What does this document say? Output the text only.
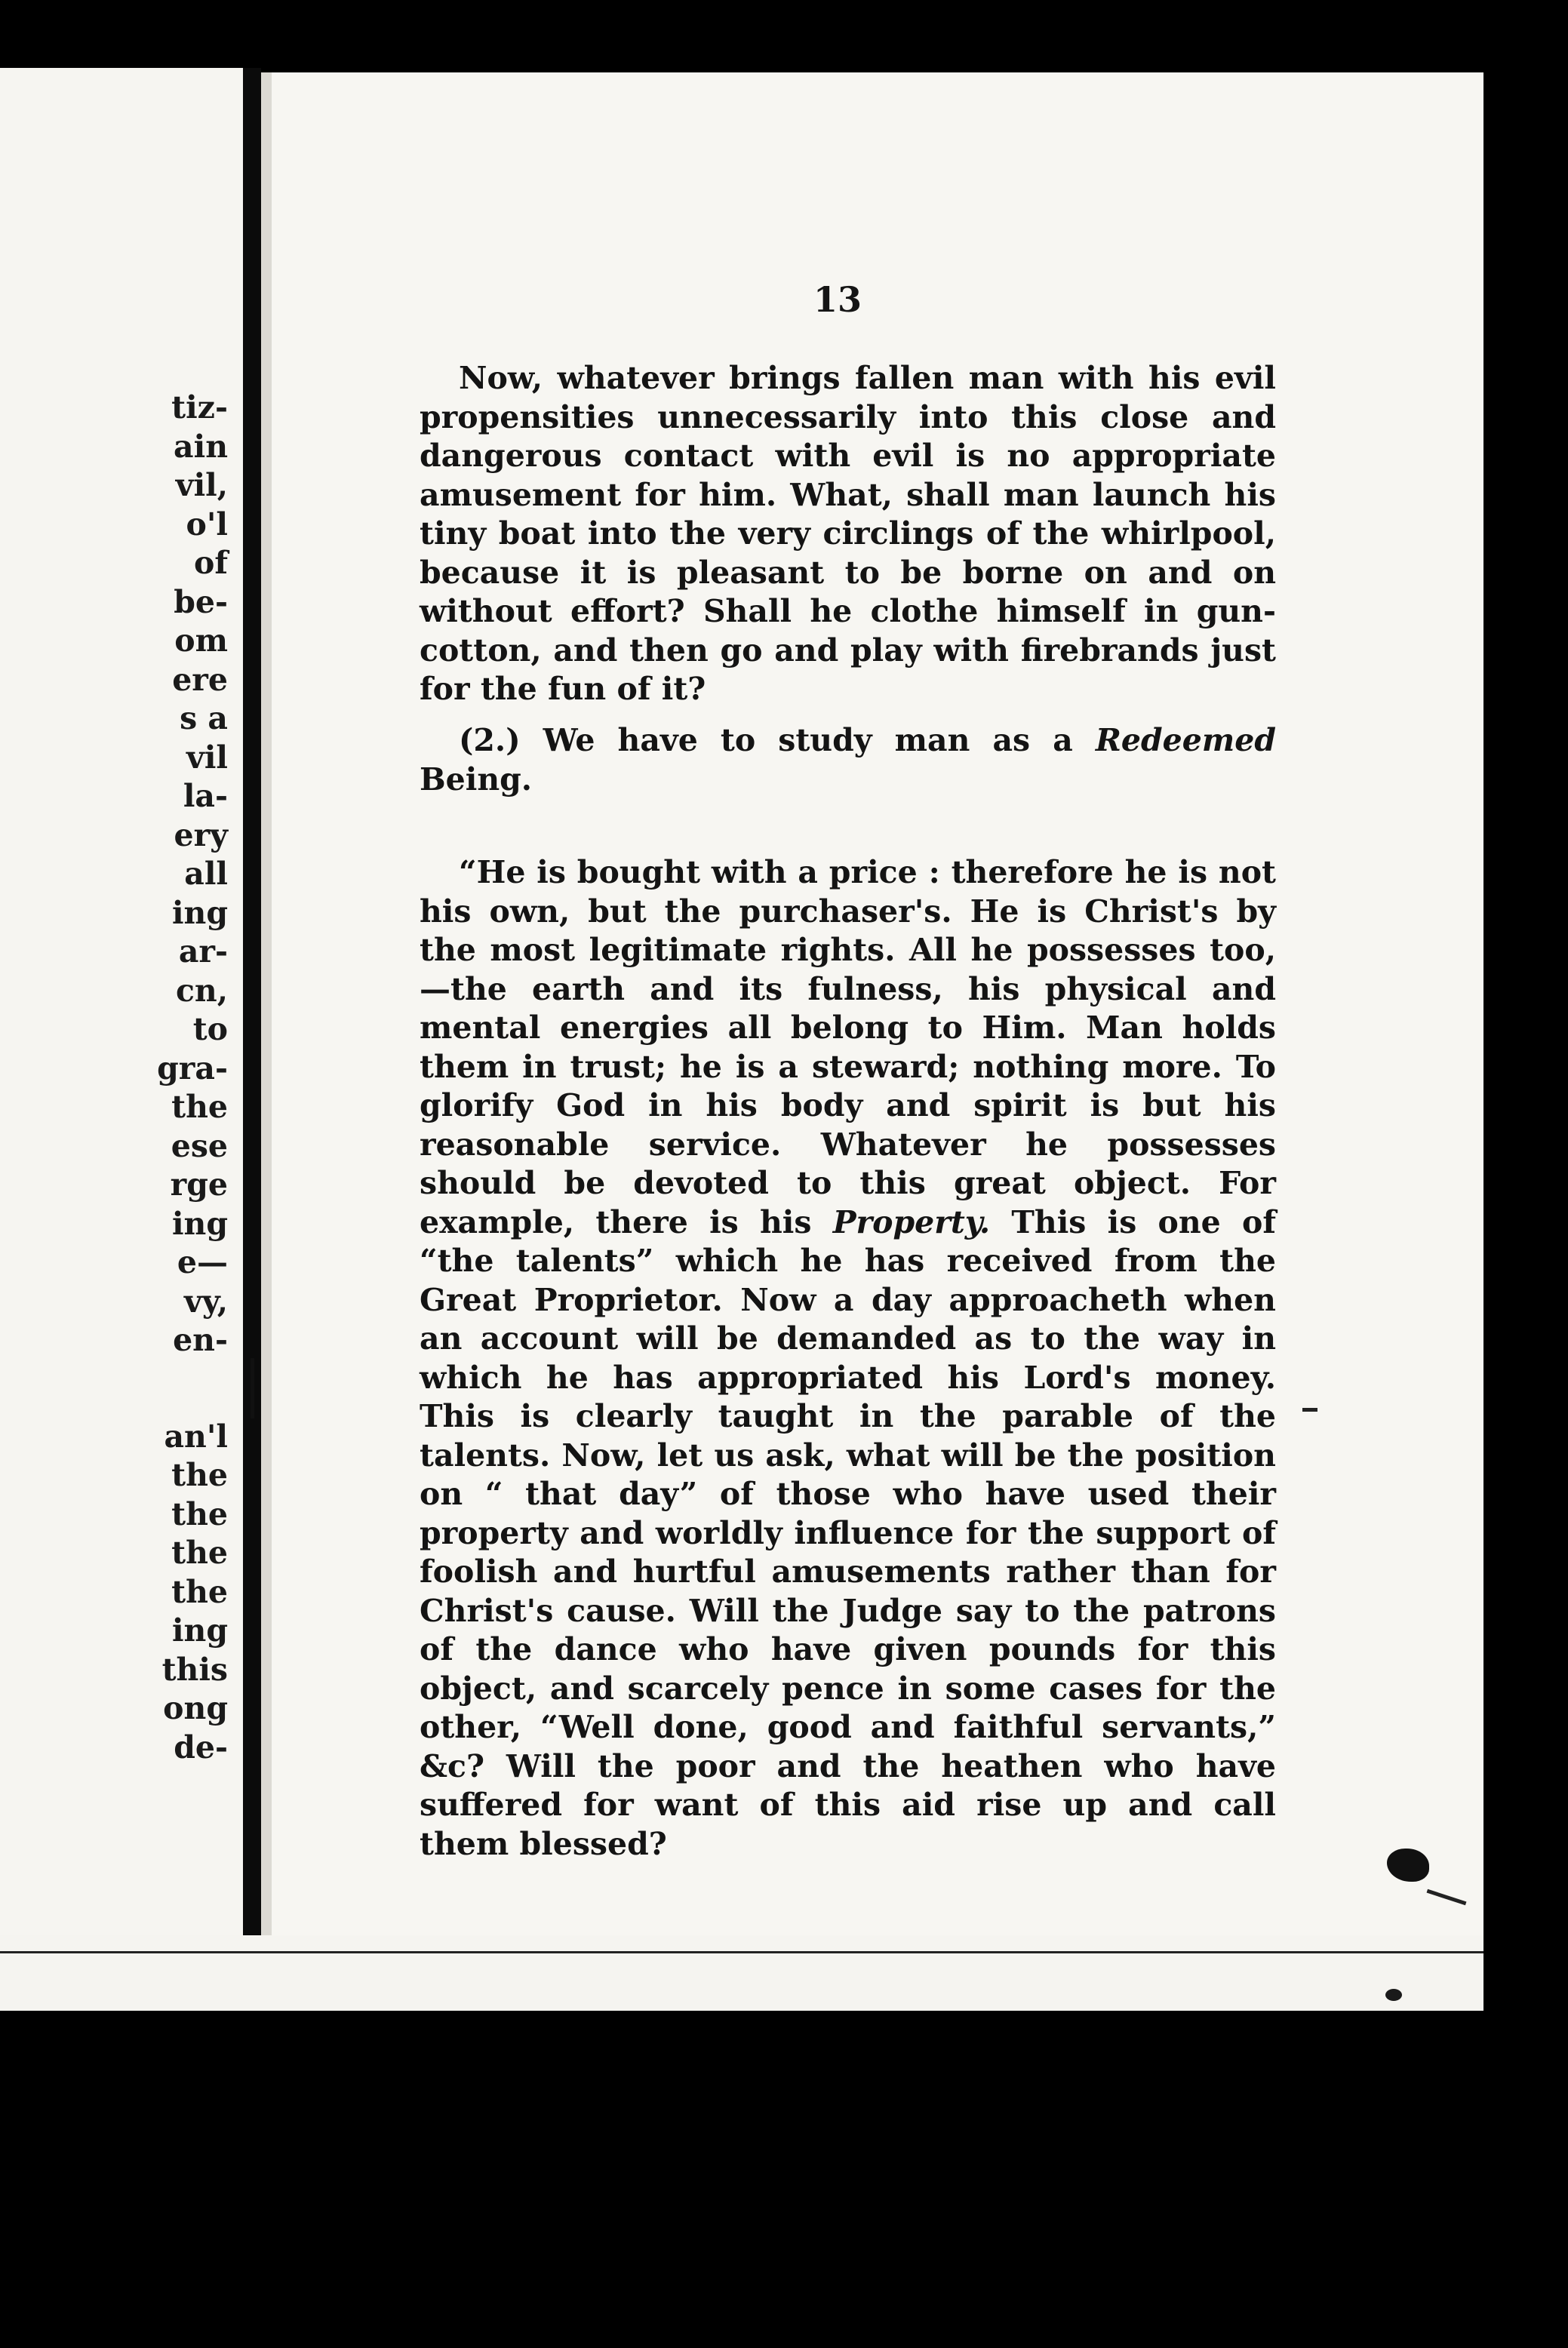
tiz-
ain
vil,
o'l
of
be-
om
ere
s a
vil
la-
ery
all
ing
ar-
cn,
to
gra-
the
ese
rge
ing
e—
vy,
en-
an'l
the
the
the
the
ing
this
ong
de-
13

Now, whatever brings fallen man with his evil propensities unnecessarily into this close and dangerous contact with evil is no appropriate amusement for him. What, shall man launch his tiny boat into the very circlings of the whirlpool, because it is pleasant to be borne on and on without effort? Shall he clothe himself in gun-cotton, and then go and play with firebrands just for the fun of it?

(2.) We have to study man as a Redeemed Being.

“He is bought with a price : therefore he is not his own, but the purchaser's. He is Christ's by the most legitimate rights. All he possesses too,—the earth and its fulness, his physical and mental energies all belong to Him. Man holds them in trust; he is a steward; nothing more. To glorify God in his body and spirit is but his reasonable service. Whatever he possesses should be devoted to this great object. For example, there is his Property. This is one of “the talents” which he has received from the Great Proprietor. Now a day approacheth when an account will be demanded as to the way in which he has appropriated his Lord's money. This is clearly taught in the parable of the talents. Now, let us ask, what will be the position on “ that day” of those who have used their property and worldly influence for the support of foolish and hurtful amusements rather than for Christ's cause. Will the Judge say to the patrons of the dance who have given pounds for this object, and scarcely pence in some cases for the other, “Well done, good and faithful servants,” &c? Will the poor and the heathen who have suffered for want of this aid rise up and call them blessed?
